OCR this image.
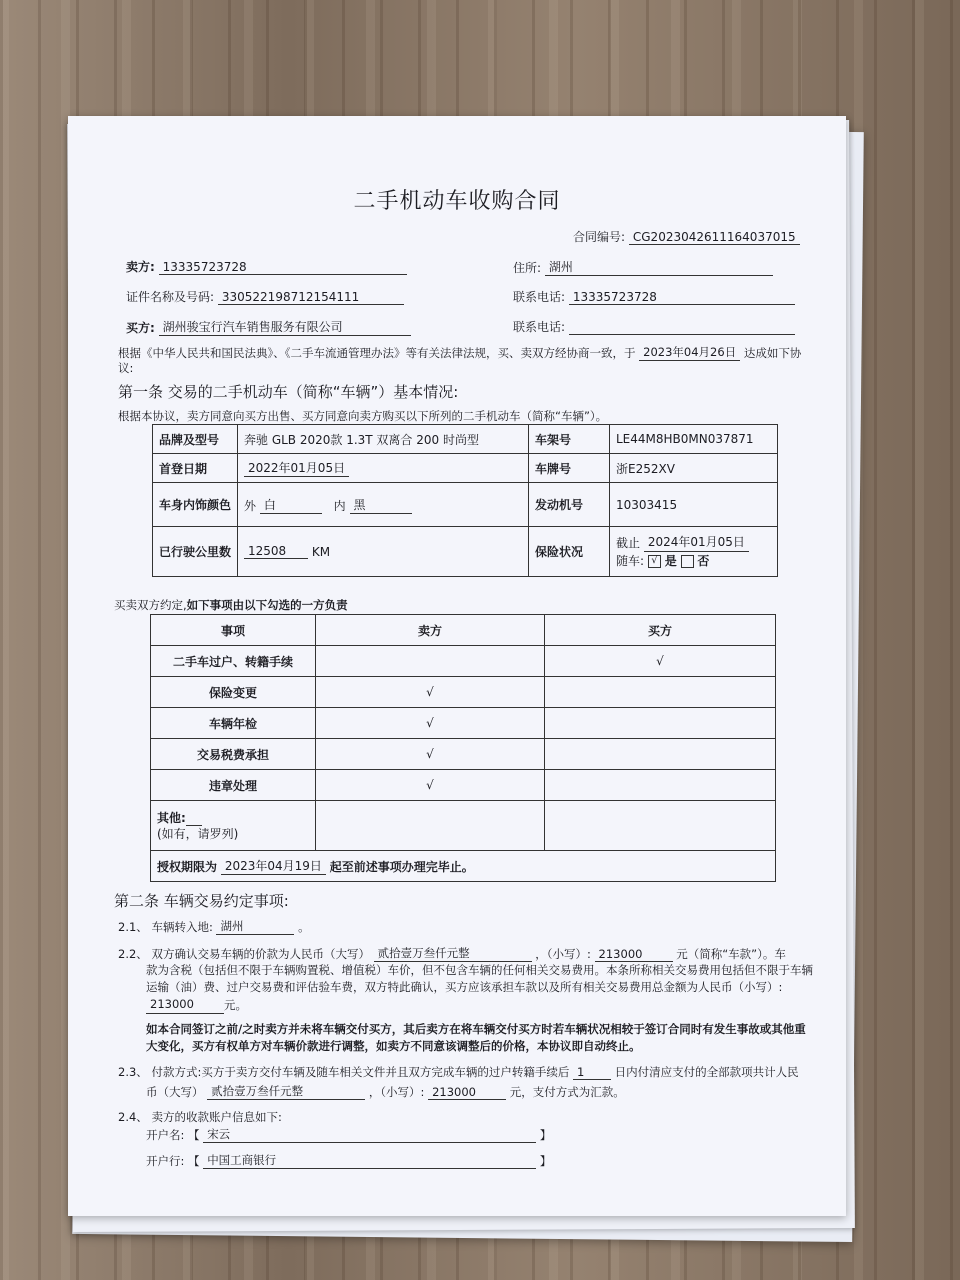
二手机动车收购合同
合同编号: CG2023042611164037015
卖方: 13335723728	住所: 湖州
证件名称及号码: 330522198712154111	联系电话: 13335723728
买方: 湖州骏宝行汽车销售服务有限公司	联系电话:
根据《中华人民共和国民法典》、《二手车流通管理办法》等有关法律法规，买、卖双方经协商一致，于 2023年04月26日 达成如下协
议:
第一条 交易的二手机动车（简称“车辆”）基本情况:
根据本协议，卖方同意向买方出售、买方同意向卖方购买以下所列的二手机动车（简称“车辆”）。
品牌及型号	奔驰 GLB 2020款 1.3T 双离合 200 时尚型	车架号	LE44M8HB0MN037871
首登日期	2022年01月05日	车牌号	浙E252XV
车身内饰颜色	外 白 内 黑	发动机号	10303415
已行驶公里数	12508 KM	保险状况	截止 2024年01月05日
随车: √ 是 否
买卖双方约定,如下事项由以下勾选的一方负责
事项	卖方	买方
二手车过户、转籍手续		√
保险变更	√	
车辆年检	√	
交易税费承担	√	
违章处理	√	
其他:
(如有，请罗列)		
授权期限为 2023年04月19日 起至前述事项办理完毕止。		
第二条 车辆交易约定事项:
2.1、 车辆转入地: 湖州	。
2.2、 双方确认交易车辆的价款为人民币（大写） 贰拾壹万叁仟元整	，（小写）: 213000	元（简称“车款”）。车
款为含税（包括但不限于车辆购置税、增值税）车价，但不包含车辆的任何相关交易费用。本条所称相关交易费用包括但不限于车辆运输（油）费、过户交易费和评估验车费，双方特此确认，买方应该承担车款以及所有相关交易费用总金额为人民币（小写）:
213000	元。
如本合同签订之前/之时卖方并未将车辆交付买方，其后卖方在将车辆交付买方时若车辆状况相较于签订合同时有发生事故或其他重大变化，买方有权单方对车辆价款进行调整，如卖方不同意该调整后的价格，本协议即自动终止。
2.3、 付款方式:买方于卖方交付车辆及随车相关文件并且双方完成车辆的过户转籍手续后 1	日内付清应支付的全部款项共计人民
币（大写） 贰拾壹万叁仟元整	，（小写）: 213000	元，支付方式为汇款。
2.4、 卖方的收款账户信息如下:
开户名: 【 宋云	】
开户行: 【 中国工商银行	】
